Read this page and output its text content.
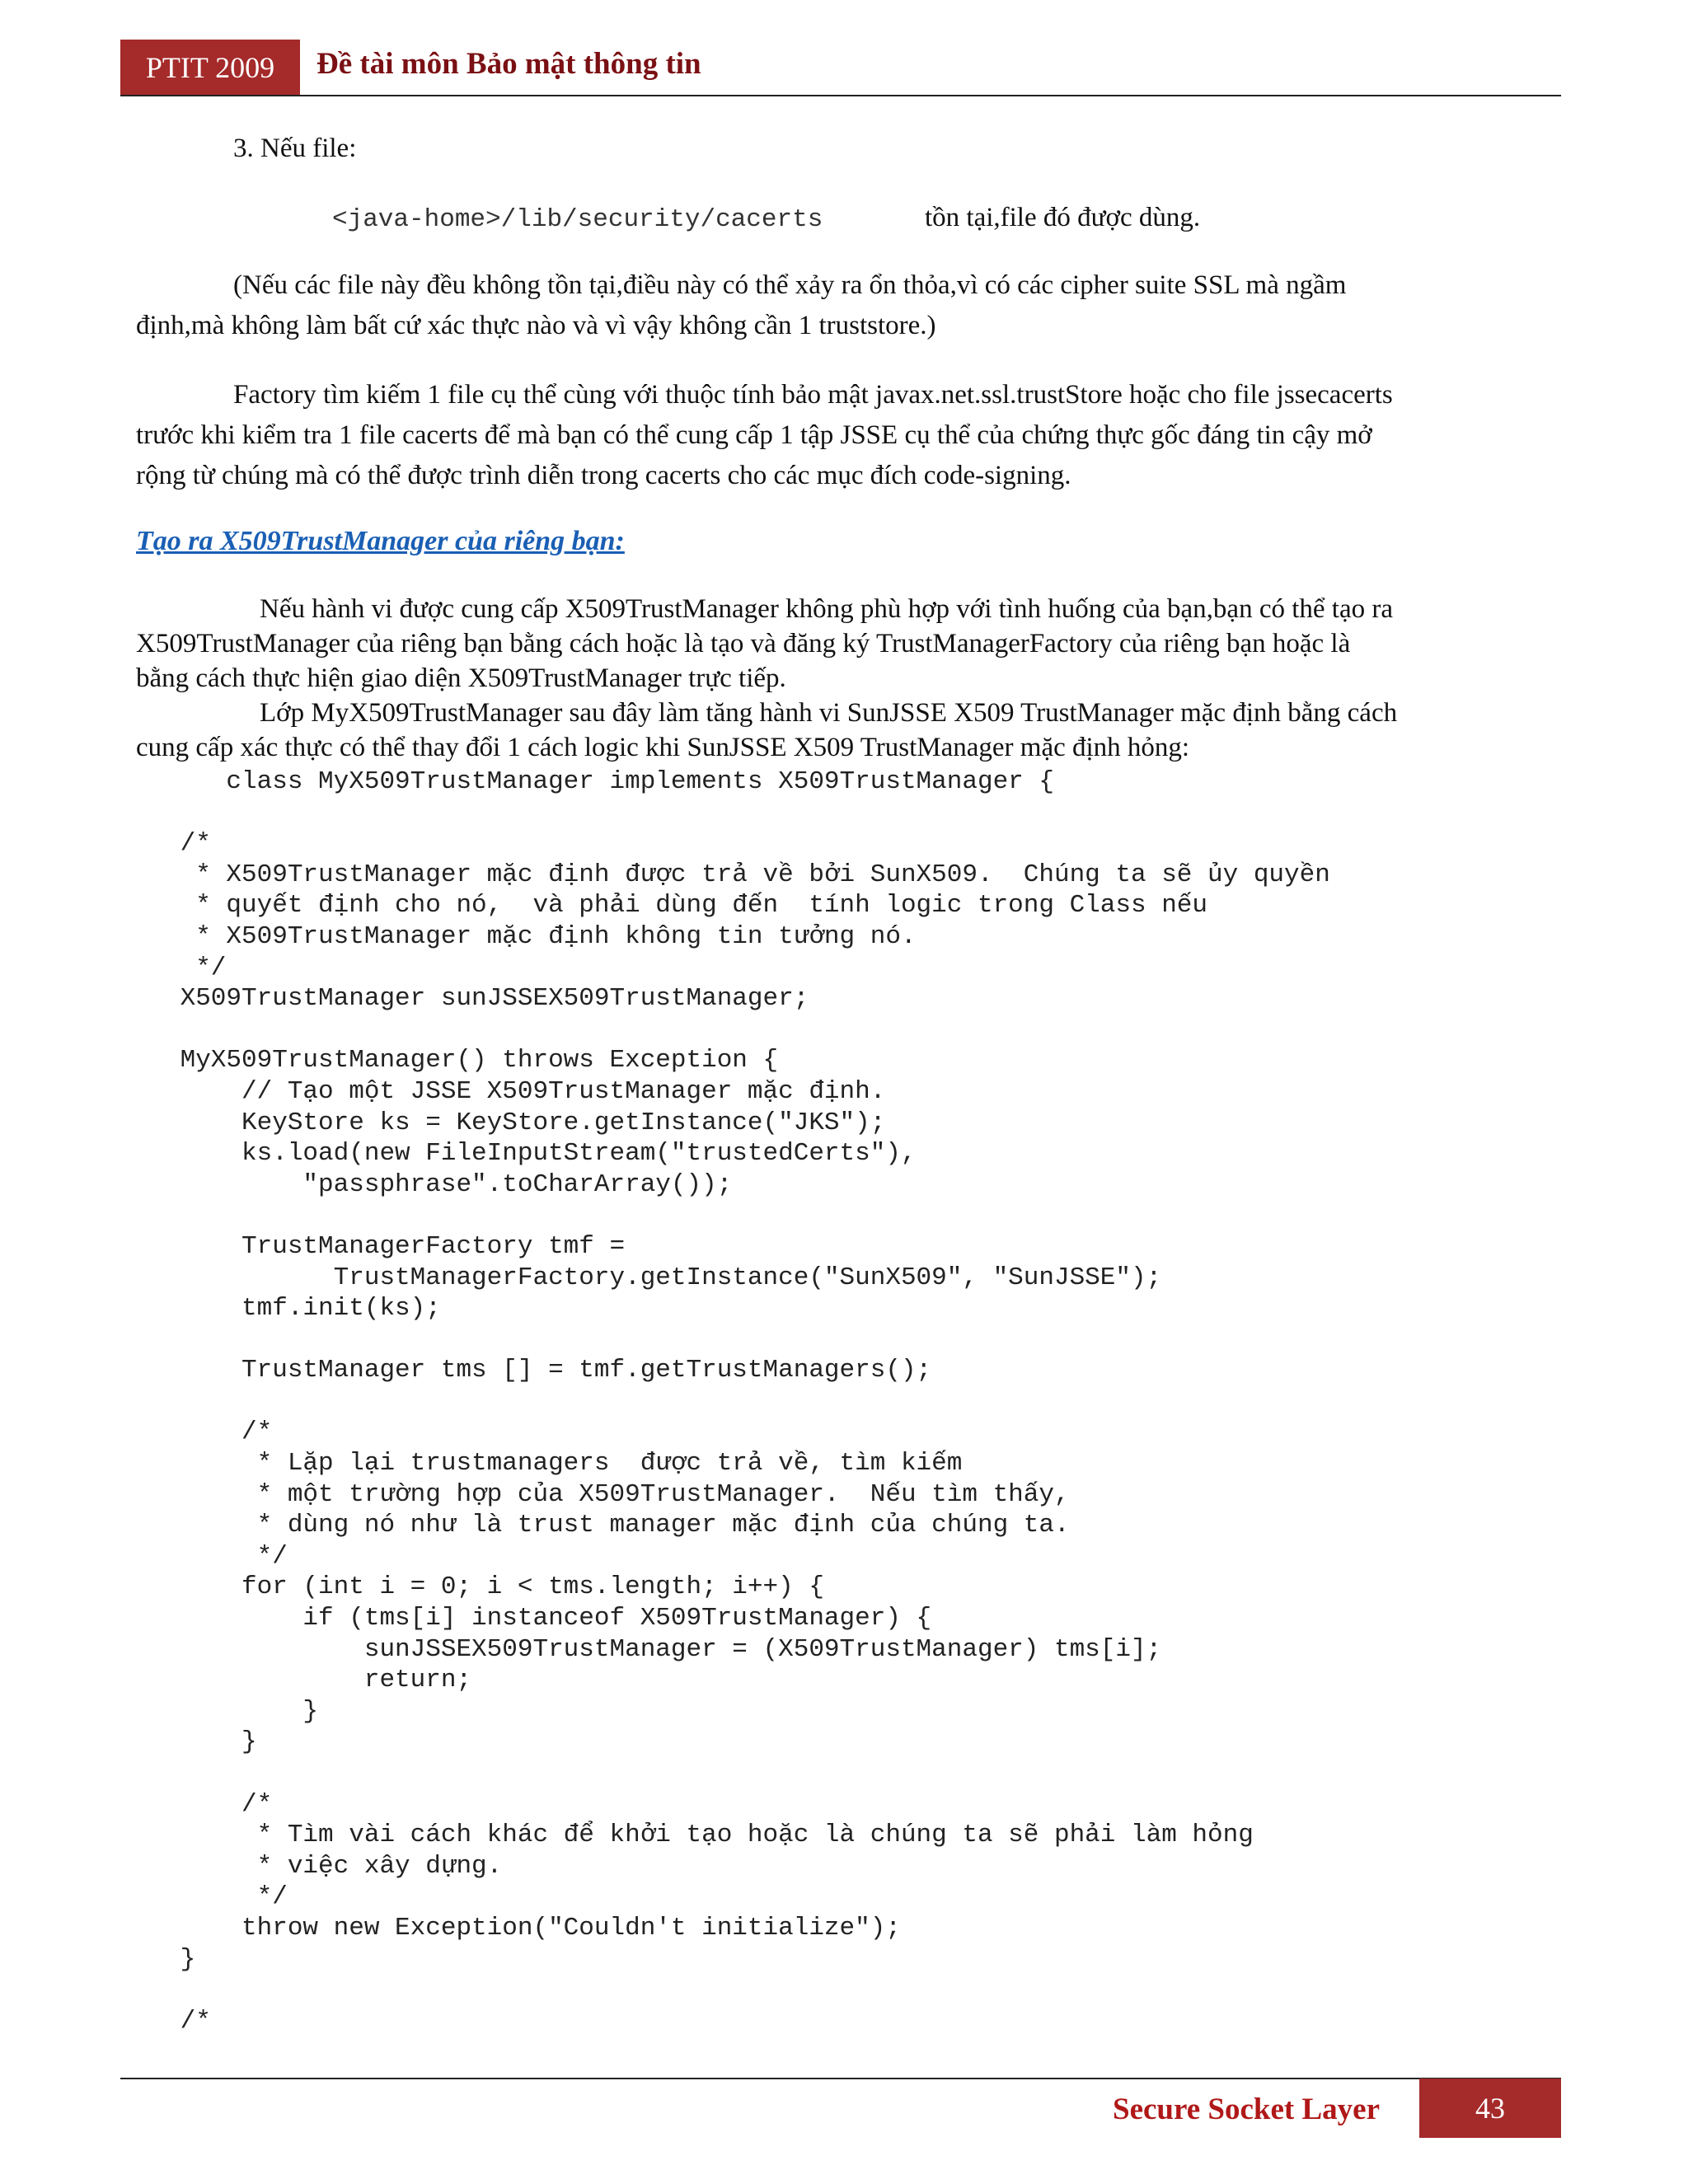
PTIT 2009	Đề tài môn Bảo mật thông tin

3. Nếu file:

<java-home>/lib/security/cacerts	tồn tại,file đó được dùng.

(Nếu các file này đều không tồn tại,điều này có thể xảy ra ổn thỏa,vì có các cipher suite SSL mà ngầm

định,mà không làm bất cứ xác thực nào và vì vậy không cần 1 truststore.)

Factory tìm kiếm 1 file cụ thể cùng với thuộc tính bảo mật javax.net.ssl.trustStore hoặc cho file jssecacerts

trước khi kiểm tra 1 file cacerts để mà bạn có thể cung cấp 1 tập JSSE cụ thể của chứng thực gốc đáng tin cậy mở

rộng từ chúng mà có thể được trình diễn trong cacerts cho các mục đích code-signing.

Tạo ra X509TrustManager của riêng bạn:

Nếu hành vi được cung cấp X509TrustManager không phù hợp với tình huống của bạn,bạn có thể tạo ra

X509TrustManager của riêng bạn bằng cách hoặc là tạo và đăng ký TrustManagerFactory của riêng bạn hoặc là

bằng cách thực hiện giao diện X509TrustManager trực tiếp.

Lớp MyX509TrustManager sau đây làm tăng hành vi SunJSSE X509 TrustManager mặc định bằng cách

cung cấp xác thực có thể thay đổi 1 cách logic khi SunJSSE X509 TrustManager mặc định hỏng:

class MyX509TrustManager implements X509TrustManager {

/*
* X509TrustManager mặc định được trả về bởi SunX509.  Chúng ta sẽ ủy quyền
* quyết định cho nó,  và phải dùng đến  tính logic trong Class nếu
* X509TrustManager mặc định không tin tưởng nó.
*/
X509TrustManager sunJSSEX509TrustManager;

MyX509TrustManager() throws Exception {
// Tạo một JSSE X509TrustManager mặc định.
KeyStore ks = KeyStore.getInstance("JKS");
ks.load(new FileInputStream("trustedCerts"),
"passphrase".toCharArray());

TrustManagerFactory tmf =
TrustManagerFactory.getInstance("SunX509", "SunJSSE");
tmf.init(ks);

TrustManager tms [] = tmf.getTrustManagers();

/*
* Lặp lại trustmanagers  được trả về, tìm kiếm
* một trường hợp của X509TrustManager.  Nếu tìm thấy,
* dùng nó như là trust manager mặc định của chúng ta.
*/
for (int i = 0; i < tms.length; i++) {
if (tms[i] instanceof X509TrustManager) {
sunJSSEX509TrustManager = (X509TrustManager) tms[i];
return;
}
}

/*
* Tìm vài cách khác để khởi tạo hoặc là chúng ta sẽ phải làm hỏng
* việc xây dựng.
*/
throw new Exception("Couldn't initialize");
}

/*
Secure Socket Layer	43
